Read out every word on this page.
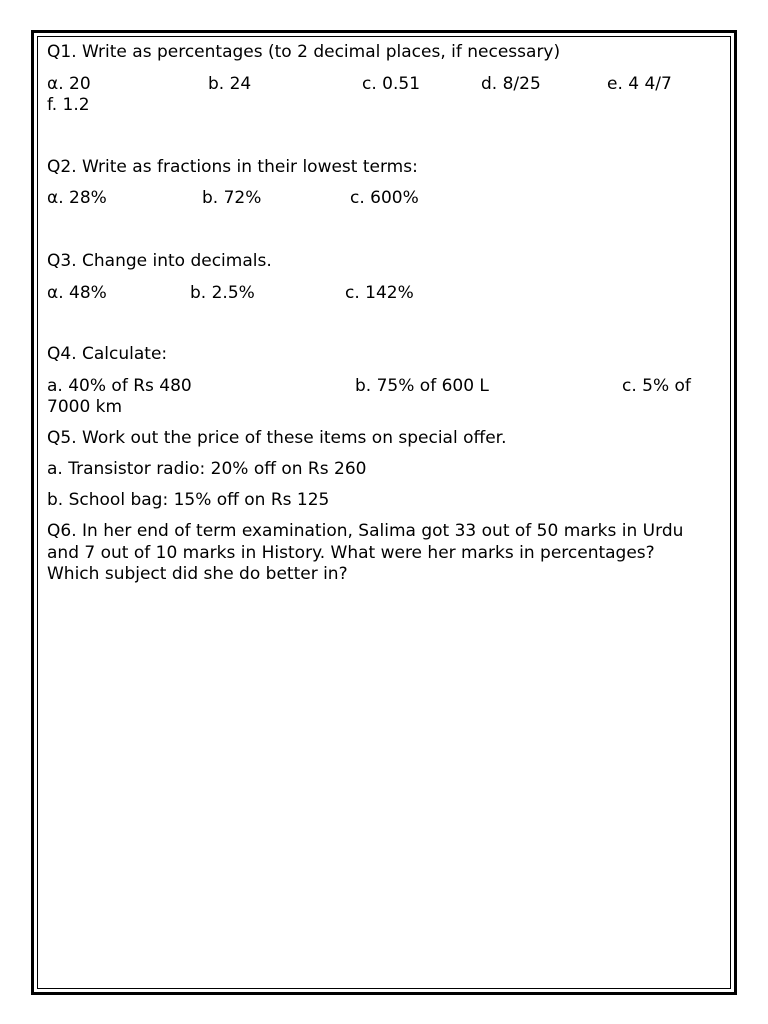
Q1. Write as percentages (to 2 decimal places, if necessary)
α. 20	b. 24	c. 0.51	d. 8/25	e. 4 4/7
f. 1.2
Q2. Write as fractions in their lowest terms:
α. 28%	b. 72%	c. 600%
Q3. Change into decimals.
α. 48%	b. 2.5%	c. 142%
Q4. Calculate:
a. 40% of Rs 480	b. 75% of 600 L	c. 5% of
7000 km
Q5. Work out the price of these items on special offer.
a. Transistor radio: 20% off on Rs 260
b. School bag: 15% off on Rs 125
Q6. In her end of term examination, Salima got 33 out of 50 marks in Urdu and 7 out of 10 marks in History. What were her marks in percentages? Which subject did she do better in?
